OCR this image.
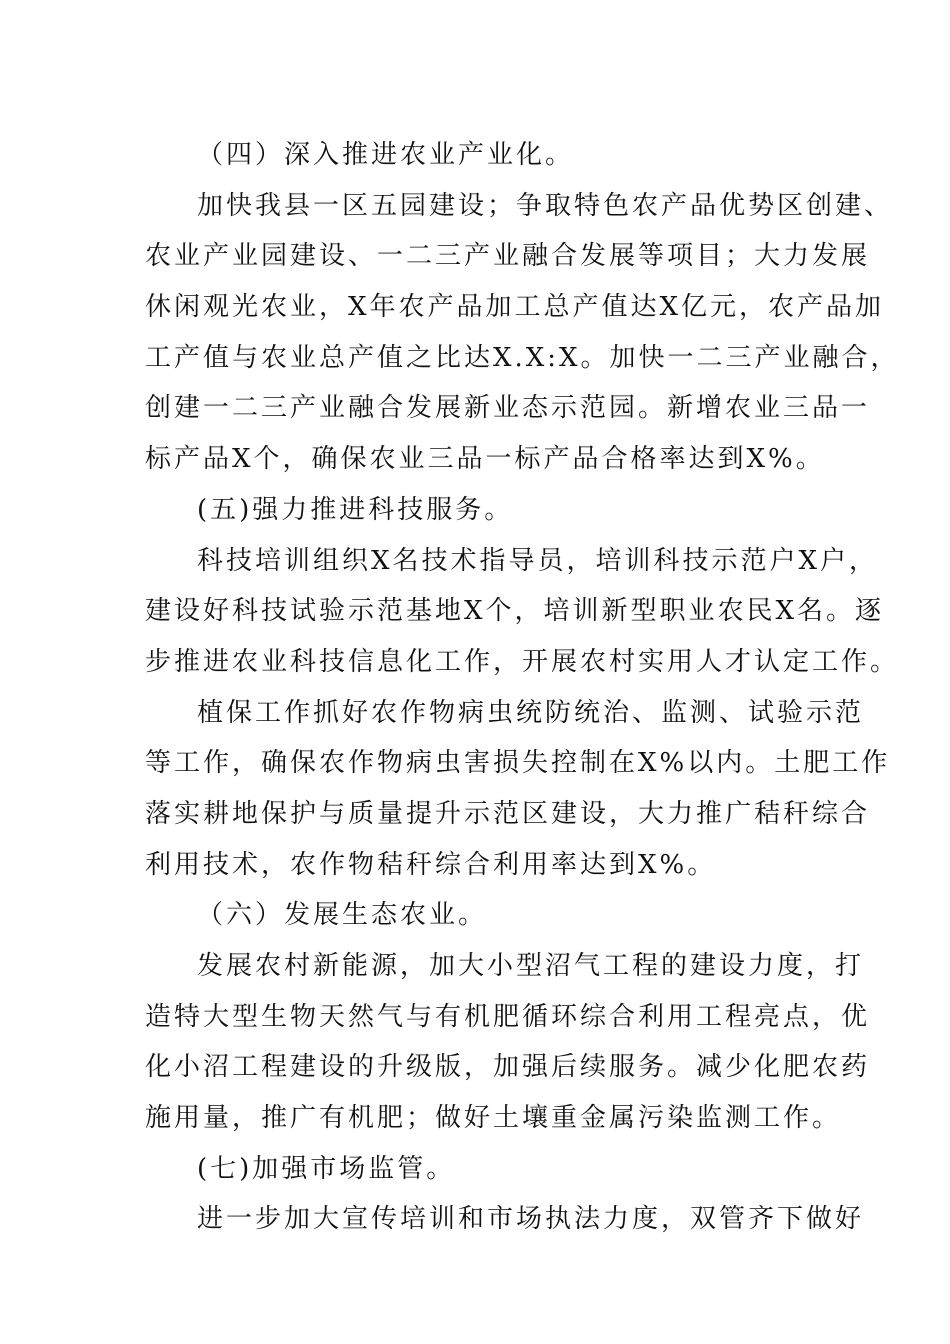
（四）深入推进农业产业化。

加快我县一区五园建设；争取特色农产品优势区创建、

农业产业园建设、一二三产业融合发展等项目；大力发展

休闲观光农业，X年农产品加工总产值达X亿元，农产品加

工产值与农业总产值之比达X.X:X。加快一二三产业融合，

创建一二三产业融合发展新业态示范园。新增农业三品一

标产品X个，确保农业三品一标产品合格率达到X%。

(五)强力推进科技服务。

科技培训组织X名技术指导员，培训科技示范户X户，

建设好科技试验示范基地X个，培训新型职业农民X名。逐

步推进农业科技信息化工作，开展农村实用人才认定工作。

植保工作抓好农作物病虫统防统治、监测、试验示范

等工作，确保农作物病虫害损失控制在X%以内。土肥工作

落实耕地保护与质量提升示范区建设，大力推广秸秆综合

利用技术，农作物秸秆综合利用率达到X%。

（六）发展生态农业。

发展农村新能源，加大小型沼气工程的建设力度，打

造特大型生物天然气与有机肥循环综合利用工程亮点，优

化小沼工程建设的升级版，加强后续服务。减少化肥农药

施用量，推广有机肥；做好土壤重金属污染监测工作。

(七)加强市场监管。

进一步加大宣传培训和市场执法力度，双管齐下做好
